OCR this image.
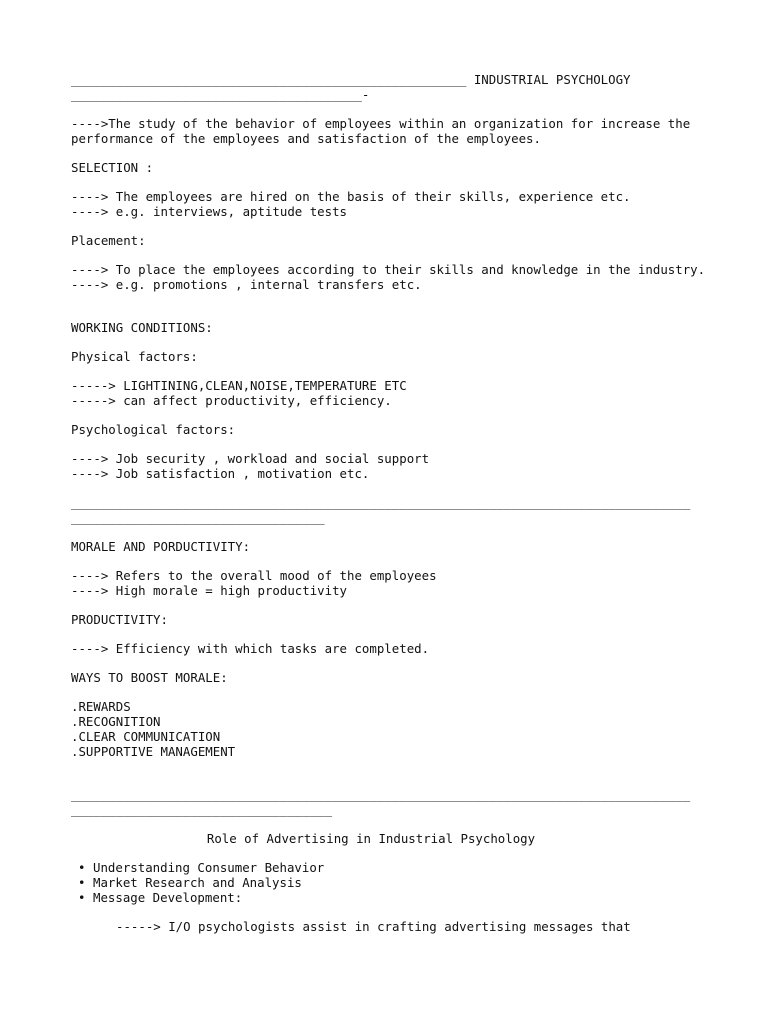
_____________________________________________________ INDUSTRIAL PSYCHOLOGY
_______________________________________-
---->The study of the behavior of employees within an organization for increase the performance of the employees and satisfaction of the employees.
SELECTION :
----> The employees are hired on the basis of their skills, experience etc.
----> e.g. interviews, aptitude tests
Placement:
----> To place the employees according to their skills and knowledge in the industry.
----> e.g. promotions , internal transfers etc.
WORKING CONDITIONS:
Physical factors:
-----> LIGHTINING,CLEAN,NOISE,TEMPERATURE ETC
-----> can affect productivity, efficiency.
Psychological factors:
----> Job security , workload and social support
----> Job satisfaction , motivation etc.
___________________________________________________________________________________
__________________________________
MORALE AND PORDUCTIVITY:
----> Refers to the overall mood of the employees
----> High morale = high productivity
PRODUCTIVITY:
----> Efficiency with which tasks are completed.
WAYS TO BOOST MORALE:
.REWARDS
.RECOGNITION
.CLEAR COMMUNICATION
.SUPPORTIVE MANAGEMENT
___________________________________________________________________________________
___________________________________
Role of Advertising in Industrial Psychology
• Understanding Consumer Behavior
• Market Research and Analysis
• Message Development:
-----> I/O psychologists assist in crafting advertising messages that
